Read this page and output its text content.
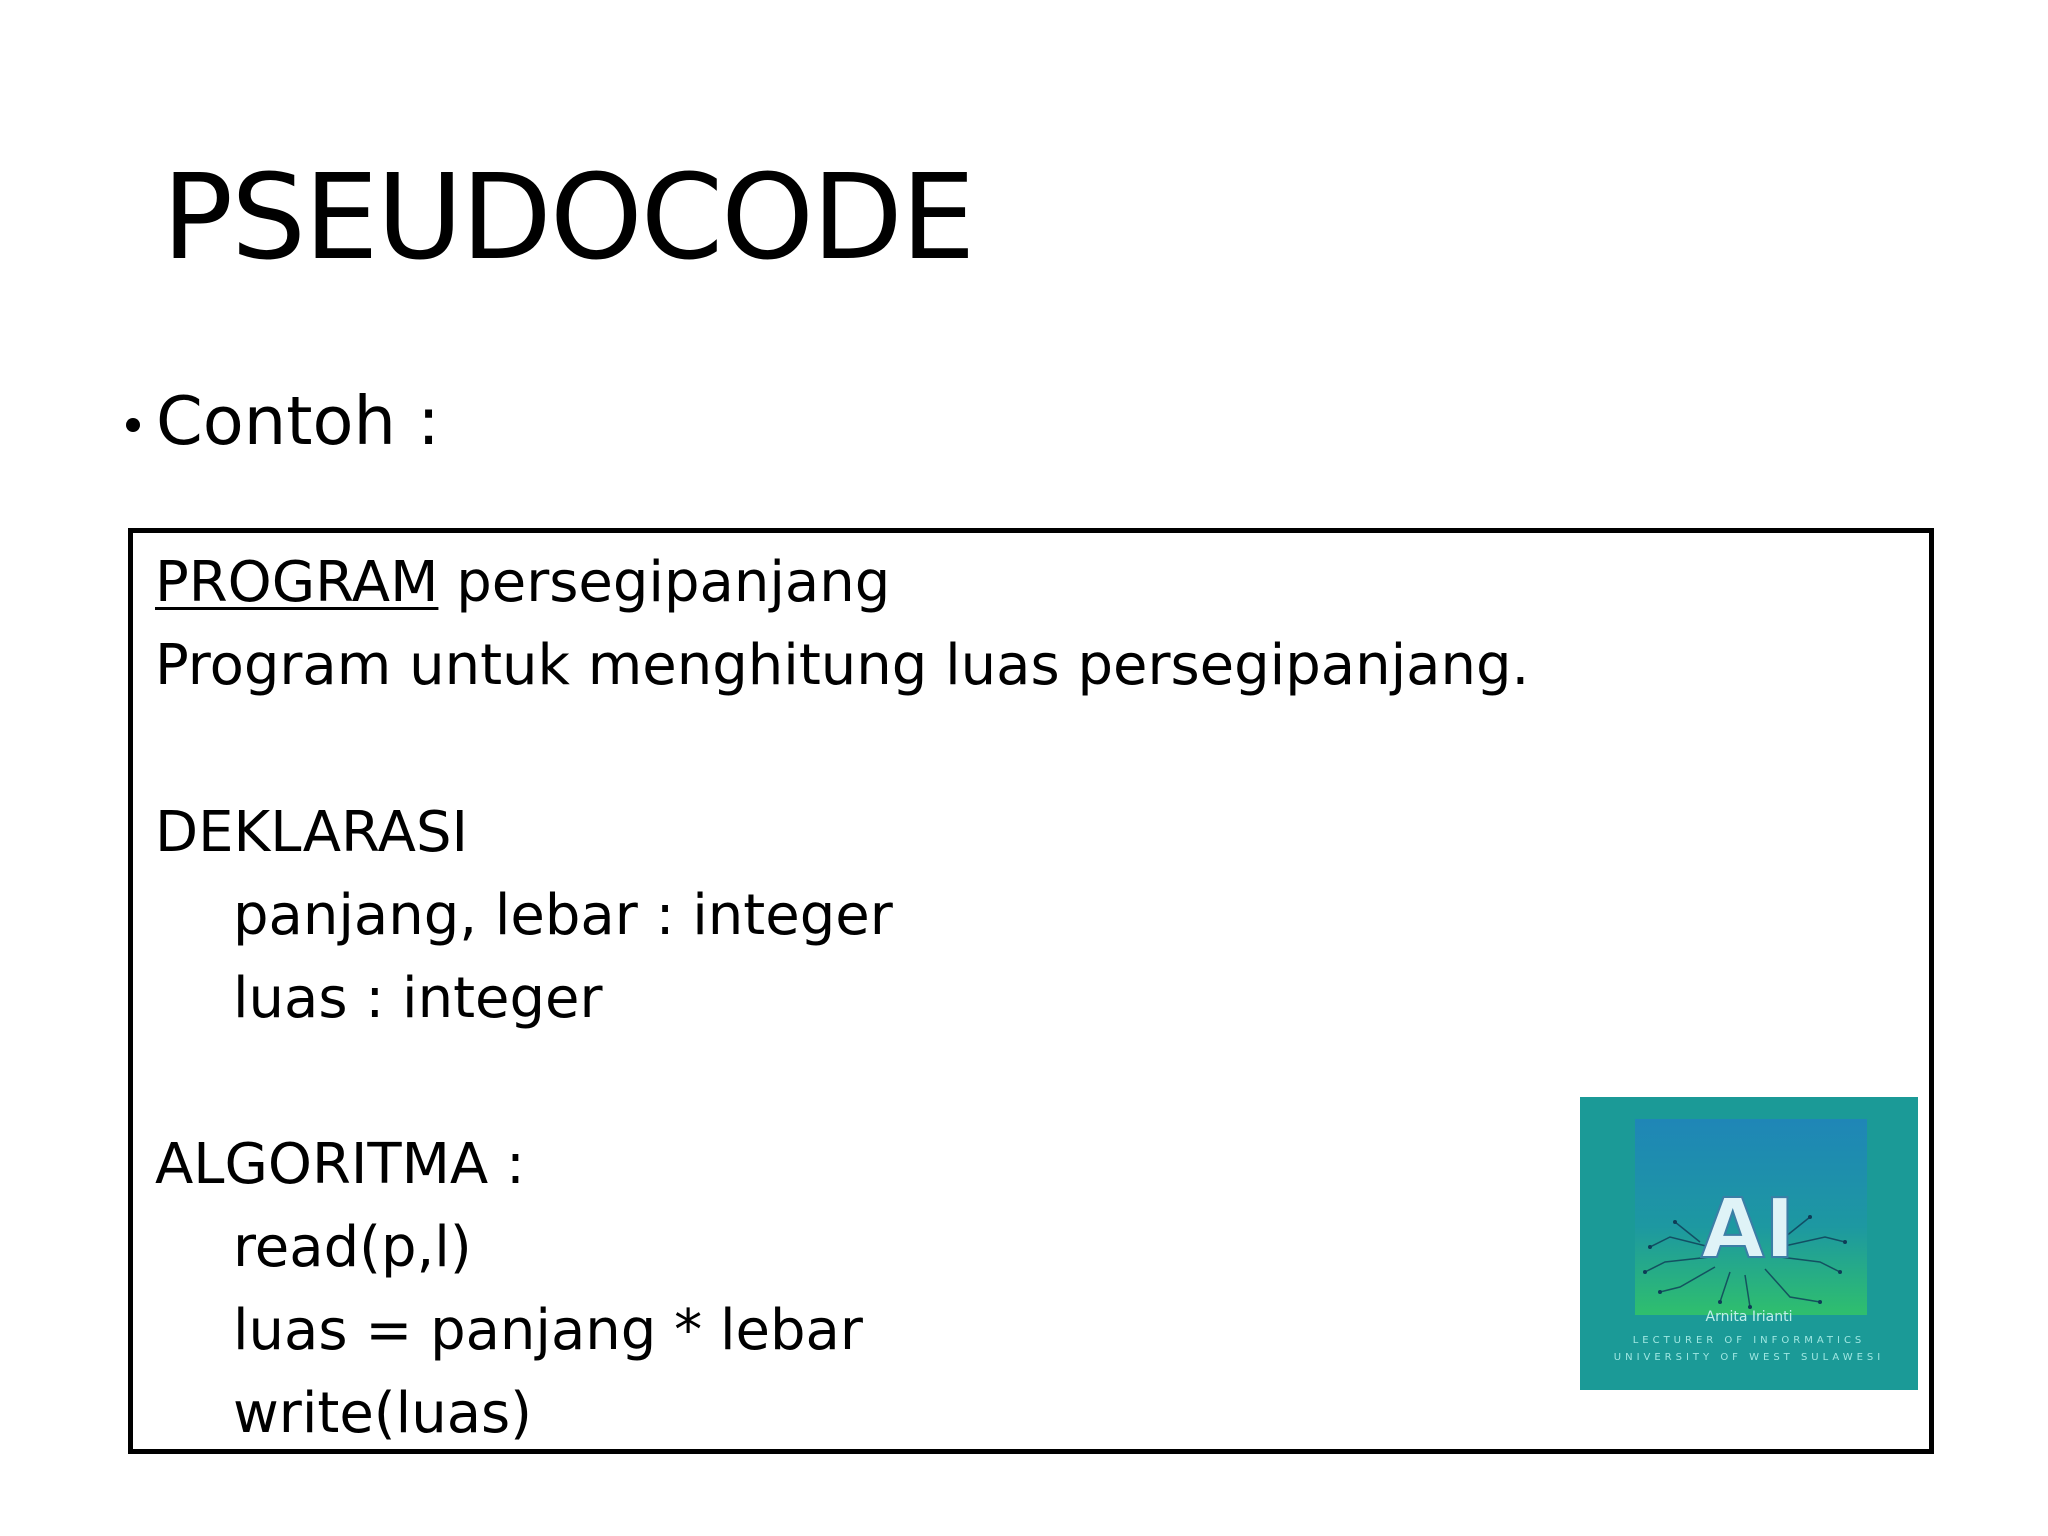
PSEUDOCODE
Contoh :
PROGRAM persegipanjang
Program untuk menghitung luas persegipanjang.
DEKLARASI
panjang, lebar : integer
luas : integer
ALGORITMA :
read(p,l)
luas = panjang * lebar
write(luas)
AI
Arnita Irianti
LECTURER OF INFORMATICS
UNIVERSITY OF WEST SULAWESI
